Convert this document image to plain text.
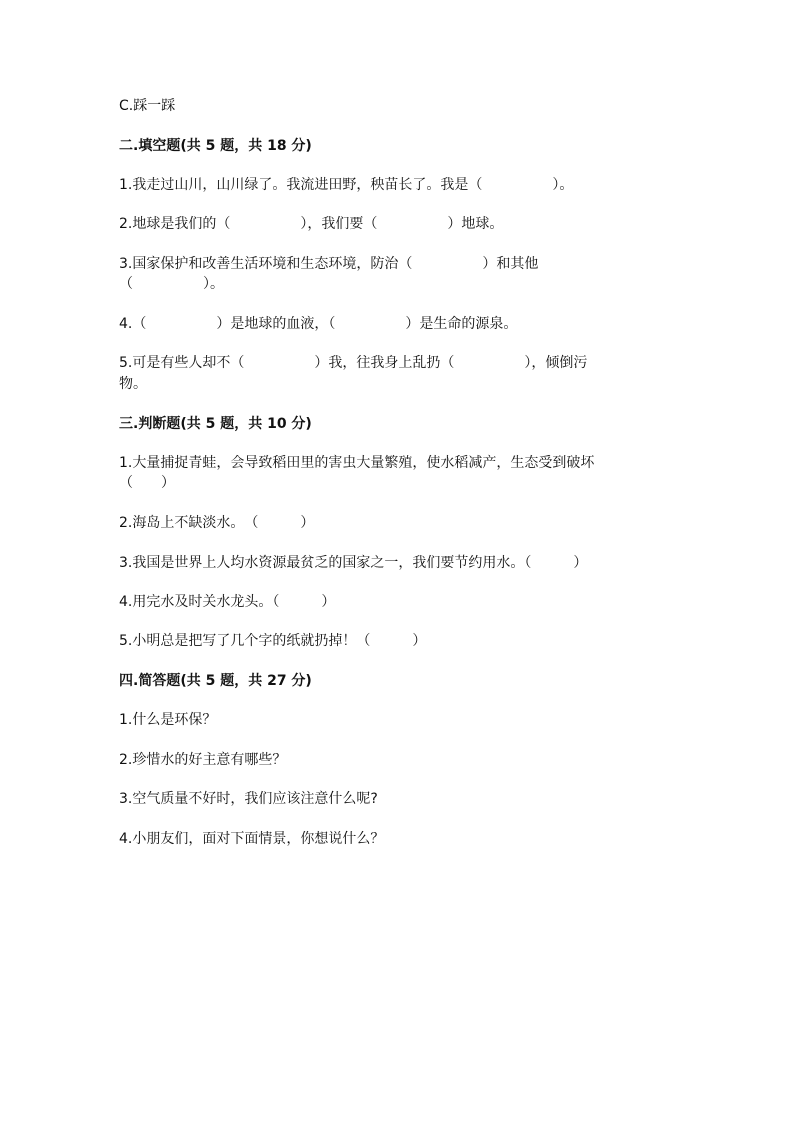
C.踩一踩
二.填空题(共 5 题，共 18 分)
1.我走过山川，山川绿了。我流进田野，秧苗长了。我是（　　　　　）。
2.地球是我们的（　　　　　），我们要（　　　　　）地球。
3.国家保护和改善生活环境和生态环境，防治（　　　　　）和其他
（　　　　　）。
4.（　　　　　）是地球的血液，（　　　　　）是生命的源泉。
5.可是有些人却不（　　　　　）我，往我身上乱扔（　　　　　），倾倒污
物。
三.判断题(共 5 题，共 10 分)
1.大量捕捉青蛙，会导致稻田里的害虫大量繁殖，使水稻减产，生态受到破坏
（　　）
2.海岛上不缺淡水。　（　　　）
3.我国是世界上人均水资源最贫乏的国家之一，我们要节约用水。（　　　）
4.用完水及时关水龙头。（　　　）
5.小明总是把写了几个字的纸就扔掉！（　　　）
四.简答题(共 5 题，共 27 分)
1.什么是环保？
2.珍惜水的好主意有哪些？
3.空气质量不好时，我们应该注意什么呢?
4.小朋友们，面对下面情景，你想说什么？
